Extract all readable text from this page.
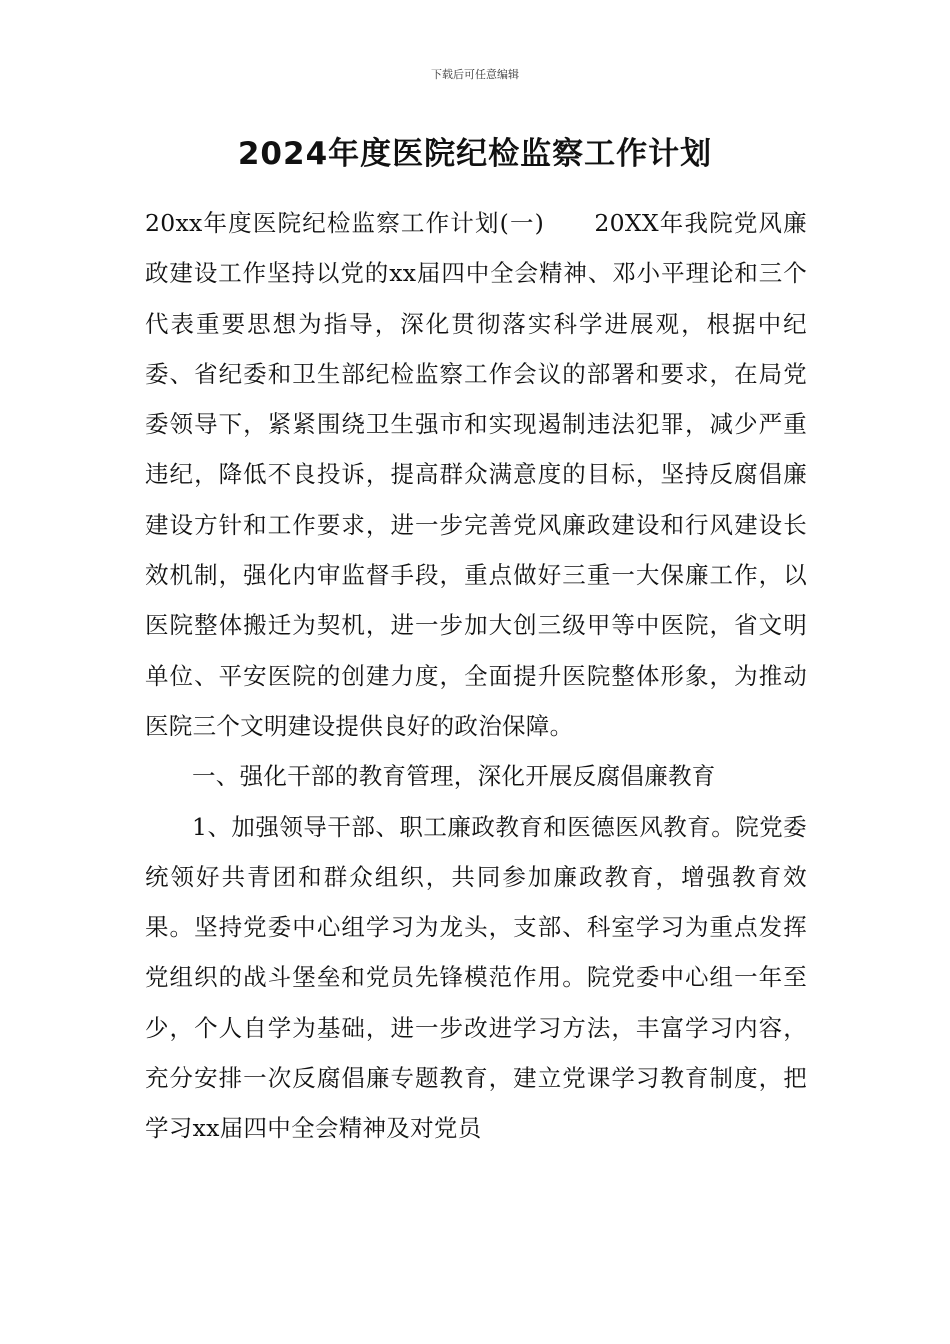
下载后可任意编辑
2024年度医院纪检监察工作计划

20xx年度医院纪检监察工作计划(一)　　20XX年我院党风廉政建设工作坚持以党的xx届四中全会精神、邓小平理论和三个代表重要思想为指导，深化贯彻落实科学进展观，根据中纪委、省纪委和卫生部纪检监察工作会议的部署和要求，在局党委领导下，紧紧围绕卫生强市和实现遏制违法犯罪，减少严重违纪，降低不良投诉，提高群众满意度的目标，坚持反腐倡廉建设方针和工作要求，进一步完善党风廉政建设和行风建设长效机制，强化内审监督手段，重点做好三重一大保廉工作，以医院整体搬迁为契机，进一步加大创三级甲等中医院，省文明单位、平安医院的创建力度，全面提升医院整体形象，为推动医院三个文明建设提供良好的政治保障。

一、强化干部的教育管理，深化开展反腐倡廉教育

1、加强领导干部、职工廉政教育和医德医风教育。院党委统领好共青团和群众组织，共同参加廉政教育，增强教育效果。坚持党委中心组学习为龙头，支部、科室学习为重点发挥党组织的战斗堡垒和党员先锋模范作用。院党委中心组一年至少，个人自学为基础，进一步改进学习方法，丰富学习内容，充分安排一次反腐倡廉专题教育，建立党课学习教育制度，把学习xx届四中全会精神及对党员
